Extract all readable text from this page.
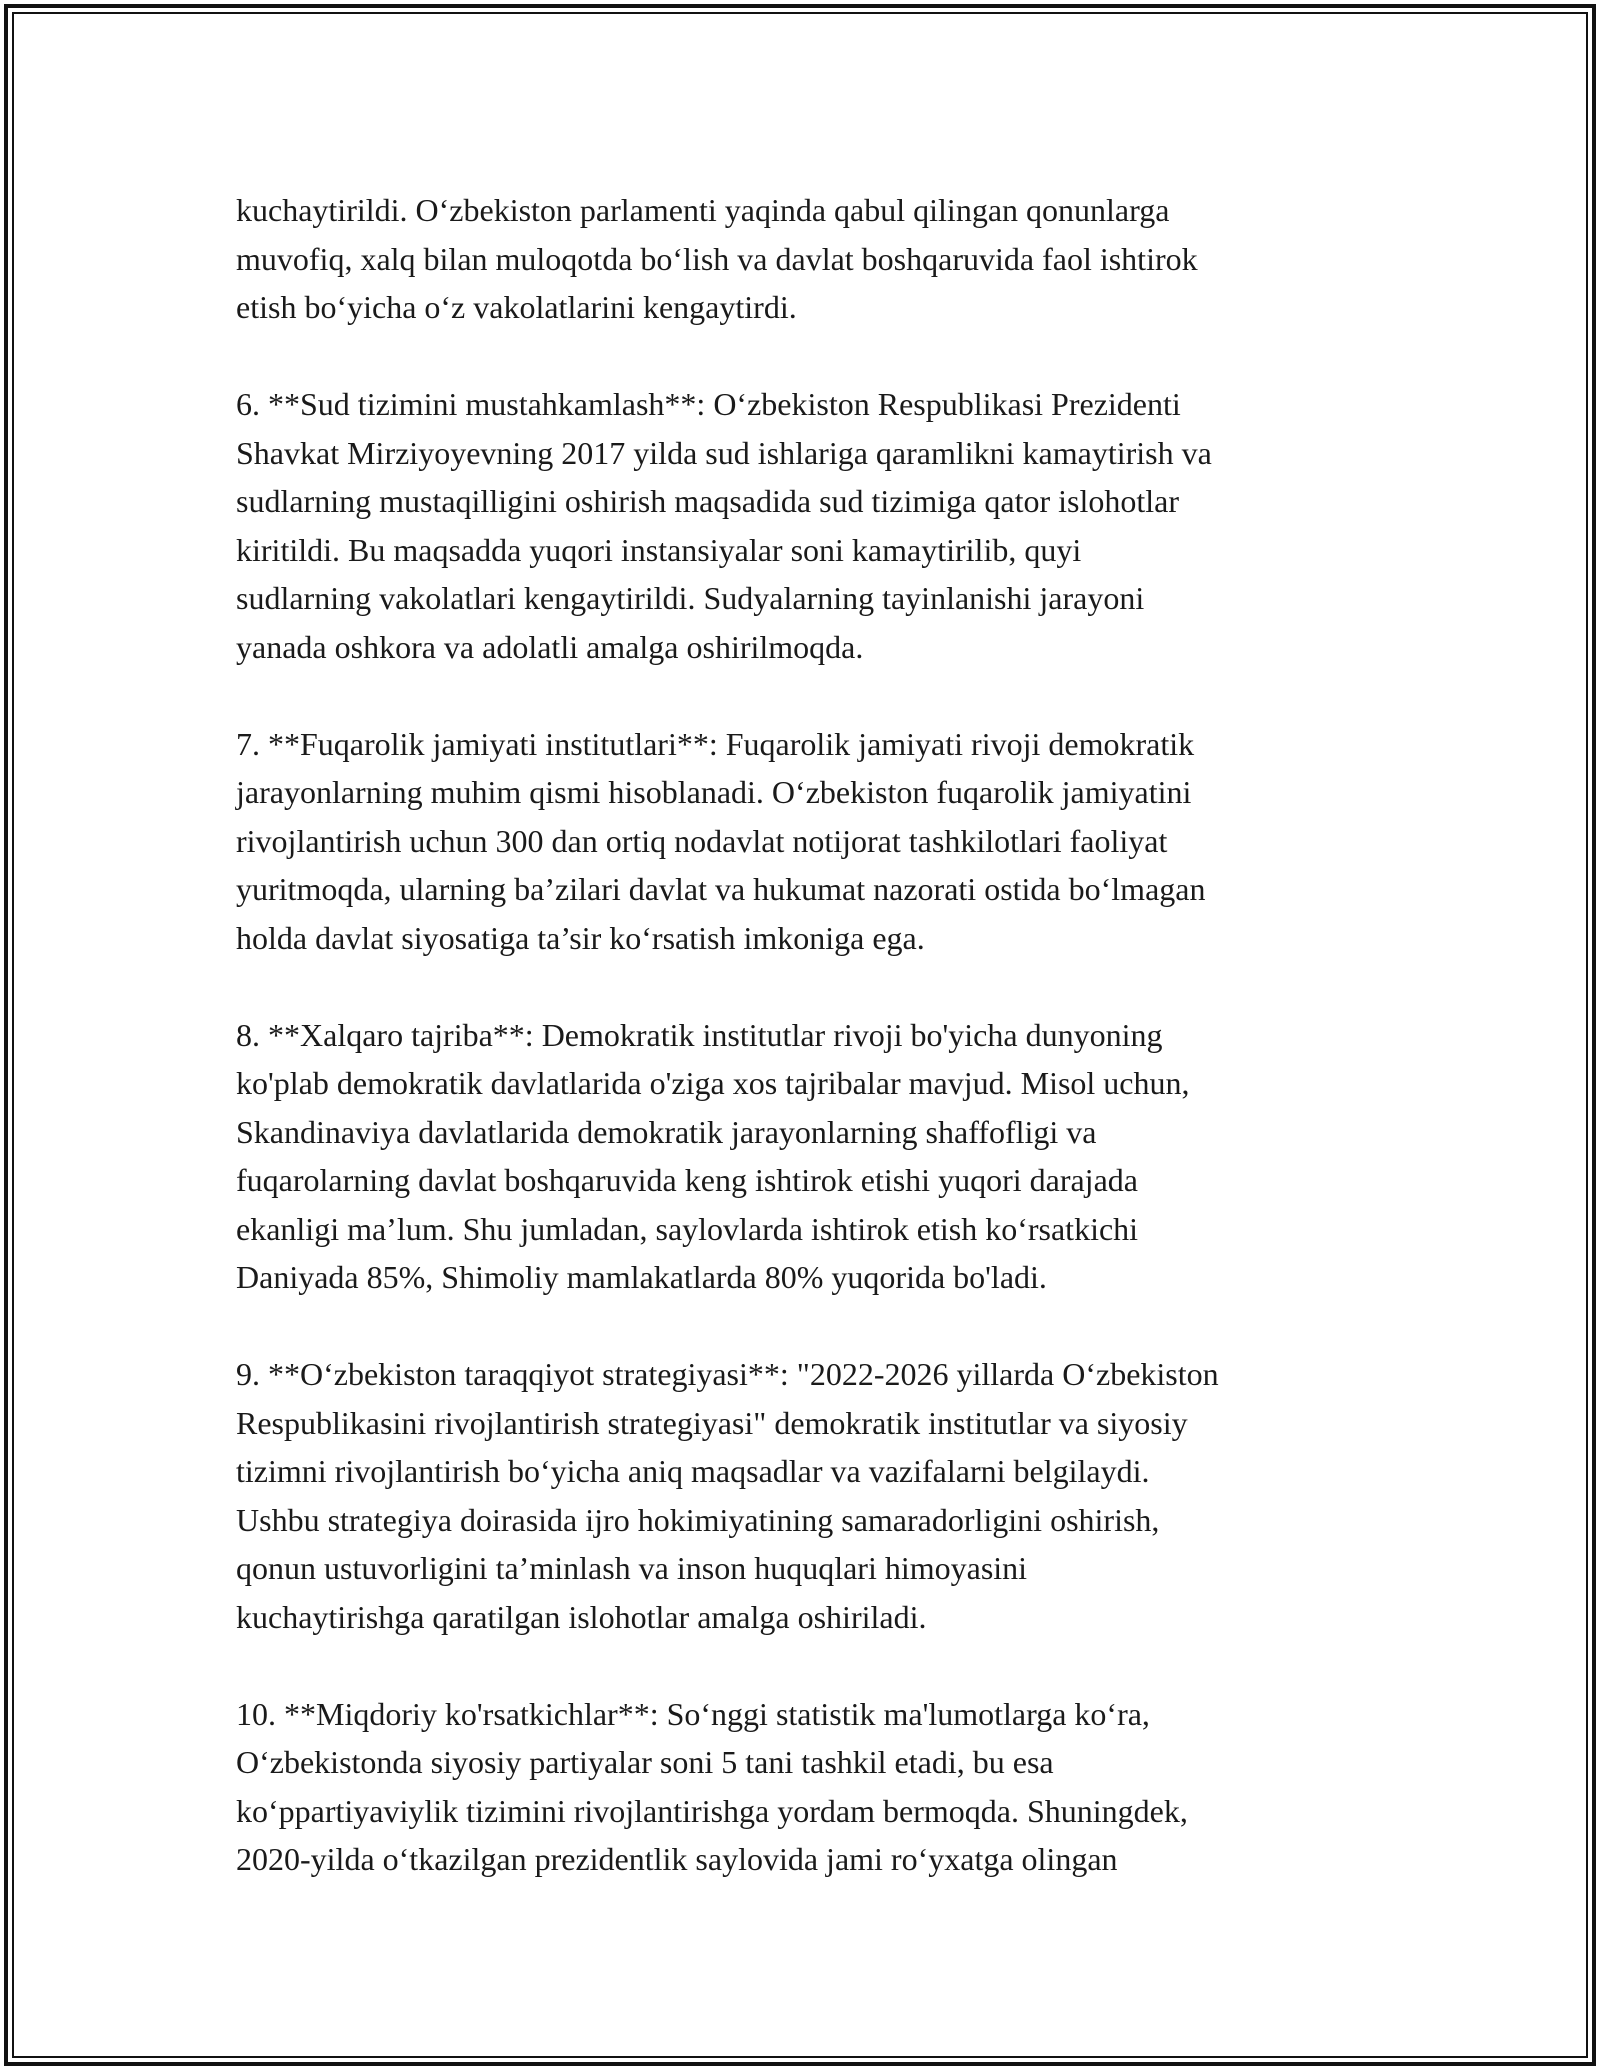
kuchaytirildi. O‘zbekiston parlamenti yaqinda qabul qilingan qonunlarga
muvofiq, xalq bilan muloqotda bo‘lish va davlat boshqaruvida faol ishtirok
etish bo‘yicha o‘z vakolatlarini kengaytirdi.
6. **Sud tizimini mustahkamlash**: O‘zbekiston Respublikasi Prezidenti
Shavkat Mirziyoyevning 2017 yilda sud ishlariga qaramlikni kamaytirish va
sudlarning mustaqilligini oshirish maqsadida sud tizimiga qator islohotlar
kiritildi. Bu maqsadda yuqori instansiyalar soni kamaytirilib, quyi
sudlarning vakolatlari kengaytirildi. Sudyalarning tayinlanishi jarayoni
yanada oshkora va adolatli amalga oshirilmoqda.
7. **Fuqarolik jamiyati institutlari**: Fuqarolik jamiyati rivoji demokratik
jarayonlarning muhim qismi hisoblanadi. O‘zbekiston fuqarolik jamiyatini
rivojlantirish uchun 300 dan ortiq nodavlat notijorat tashkilotlari faoliyat
yuritmoqda, ularning ba’zilari davlat va hukumat nazorati ostida bo‘lmagan
holda davlat siyosatiga ta’sir ko‘rsatish imkoniga ega.
8. **Xalqaro tajriba**: Demokratik institutlar rivoji bo'yicha dunyoning
ko'plab demokratik davlatlarida o'ziga xos tajribalar mavjud. Misol uchun,
Skandinaviya davlatlarida demokratik jarayonlarning shaffofligi va
fuqarolarning davlat boshqaruvida keng ishtirok etishi yuqori darajada
ekanligi ma’lum. Shu jumladan, saylovlarda ishtirok etish ko‘rsatkichi
Daniyada 85%, Shimoliy mamlakatlarda 80% yuqorida bo'ladi.
9. **O‘zbekiston taraqqiyot strategiyasi**: "2022-2026 yillarda O‘zbekiston
Respublikasini rivojlantirish strategiyasi" demokratik institutlar va siyosiy
tizimni rivojlantirish bo‘yicha aniq maqsadlar va vazifalarni belgilaydi.
Ushbu strategiya doirasida ijro hokimiyatining samaradorligini oshirish,
qonun ustuvorligini ta’minlash va inson huquqlari himoyasini
kuchaytirishga qaratilgan islohotlar amalga oshiriladi.
10. **Miqdoriy ko'rsatkichlar**: So‘nggi statistik ma'lumotlarga ko‘ra,
O‘zbekistonda siyosiy partiyalar soni 5 tani tashkil etadi, bu esa
ko‘ppartiyaviylik tizimini rivojlantirishga yordam bermoqda. Shuningdek,
2020-yilda o‘tkazilgan prezidentlik saylovida jami ro‘yxatga olingan
